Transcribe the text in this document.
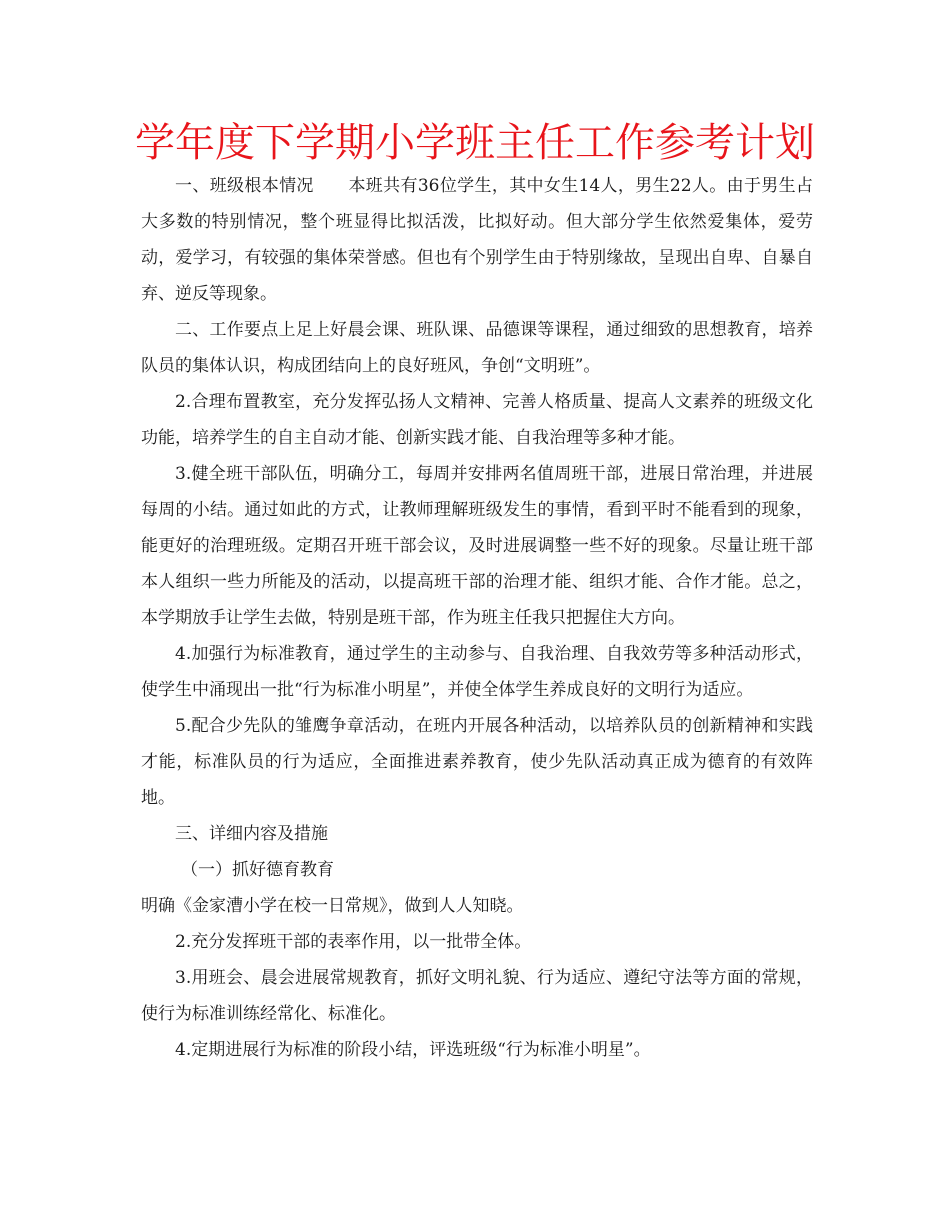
学年度下学期小学班主任工作参考计划

一、班级根本情况　　本班共有36位学生，其中女生14人，男生22人。由于男生占大多数的特别情况，整个班显得比拟活泼，比拟好动。但大部分学生依然爱集体，爱劳动，爱学习，有较强的集体荣誉感。但也有个别学生由于特别缘故，呈现出自卑、自暴自弃、逆反等现象。

二、工作要点上足上好晨会课、班队课、品德课等课程，通过细致的思想教育，培养队员的集体认识，构成团结向上的良好班风，争创“文明班”。

2.合理布置教室，充分发挥弘扬人文精神、完善人格质量、提高人文素养的班级文化功能，培养学生的自主自动才能、创新实践才能、自我治理等多种才能。

3.健全班干部队伍，明确分工，每周并安排两名值周班干部，进展日常治理，并进展每周的小结。通过如此的方式，让教师理解班级发生的事情，看到平时不能看到的现象，能更好的治理班级。定期召开班干部会议，及时进展调整一些不好的现象。尽量让班干部本人组织一些力所能及的活动，以提高班干部的治理才能、组织才能、合作才能。总之，本学期放手让学生去做，特别是班干部，作为班主任我只把握住大方向。

4.加强行为标准教育，通过学生的主动参与、自我治理、自我效劳等多种活动形式，使学生中涌现出一批“行为标准小明星”，并使全体学生养成良好的文明行为适应。

5.配合少先队的雏鹰争章活动，在班内开展各种活动，以培养队员的创新精神和实践才能，标准队员的行为适应，全面推进素养教育，使少先队活动真正成为德育的有效阵地。

三、详细内容及措施

（一）抓好德育教育

明确《金家漕小学在校一日常规》，做到人人知晓。

2.充分发挥班干部的表率作用，以一批带全体。

3.用班会、晨会进展常规教育，抓好文明礼貌、行为适应、遵纪守法等方面的常规，使行为标准训练经常化、标准化。

4.定期进展行为标准的阶段小结，评选班级“行为标准小明星”。
